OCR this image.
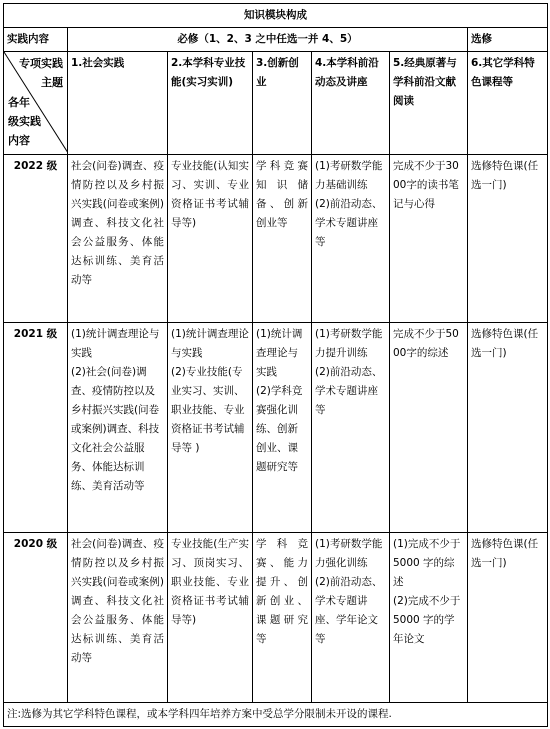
知识模块构成						
实践内容	必修（1、2、3 之中任选一并 4、5）					选修

专项实践
主题
各年
级实践
内容	1.社会实践	2.本学科专业技能(实习实训)	3.创新创业	4.本学科前沿动态及讲座	5.经典原著与学科前沿文献阅读	6.其它学科特色课程等
2022 级	社会(问卷)调查、疫情防控以及乡村振兴实践(问卷或案例)调查、科技文化社会公益服务、体能达标训练、美育活动等	专业技能(认知实习、实训、专业资格证书考试辅导等)	学科竞赛知识储备、创新创业等	(1)考研数学能力基础训练
(2)前沿动态、学术专题讲座等	完成不少于3000字的读书笔记与心得	选修特色课(任选一门)

2021 级	(1)统计调查理论与实践
(2)社会(问卷)调查、疫情防控以及乡村振兴实践(问卷或案例)调查、科技文化社会公益服务、体能达标训练、美育活动等	(1)统计调查理论与实践
(2)专业技能(专业实习、实训、职业技能、专业资格证书考试辅导等 )	(1)统计调查理论与实践
(2)学科竞赛强化训练、创新创业、课题研究等	(1)考研数学能力提升训练
(2)前沿动态、学术专题讲座等	完成不少于5000字的综述	选修特色课(任选一门)

2020 级	社会(问卷)调查、疫情防控以及乡村振兴实践(问卷或案例)调查、科技文化社会公益服务、体能达标训练、美育活动等	专业技能(生产实习、顶岗实习、职业技能、专业资格证书考试辅导等)	学科竞赛、能力提升、创新创业、课题研究等	(1)考研数学能力强化训练
(2)前沿动态、学术专题讲座、学年论文等	(1)完成不少于 5000 字的综述
(2)完成不少于 5000 字的学年论文	选修特色课(任选一门)

注:选修为其它学科特色课程，或本学科四年培养方案中受总学分限制未开设的课程.						
